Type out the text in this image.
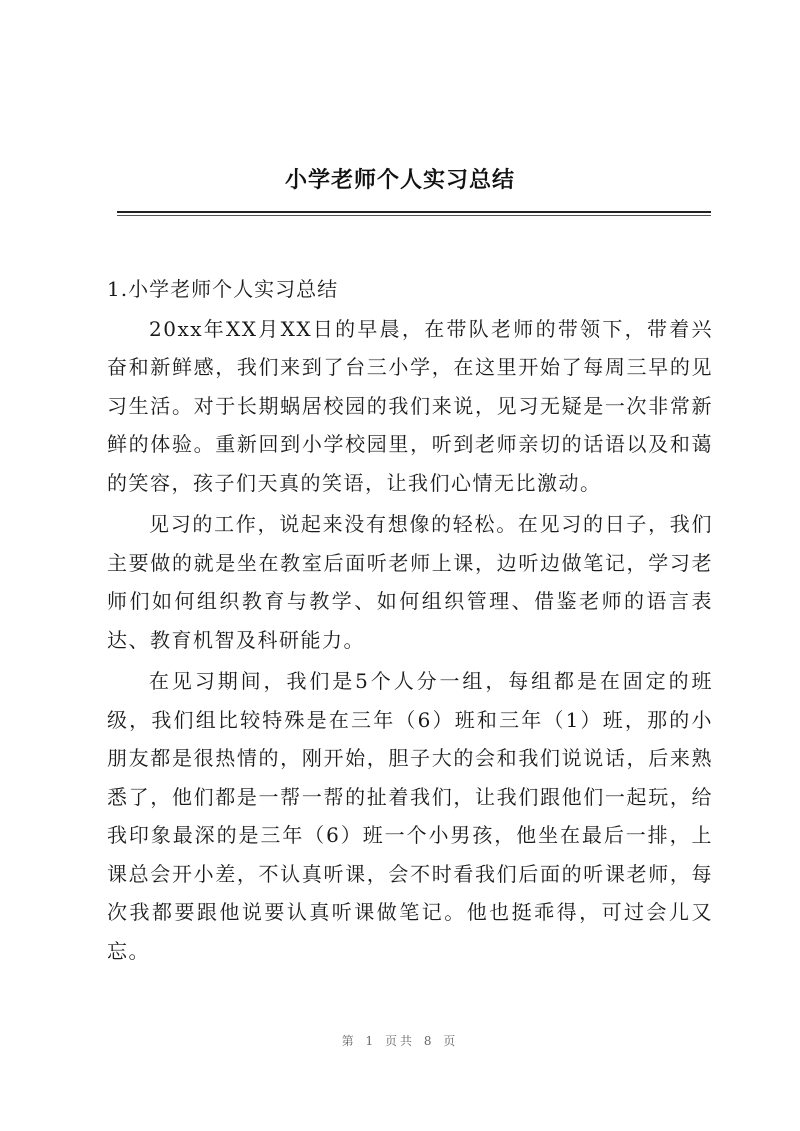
小学老师个人实习总结

1.小学老师个人实习总结

20xx年XX月XX日的早晨，在带队老师的带领下，带着兴奋和新鲜感，我们来到了台三小学，在这里开始了每周三早的见习生活。对于长期蜗居校园的我们来说，见习无疑是一次非常新鲜的体验。重新回到小学校园里，听到老师亲切的话语以及和蔼的笑容，孩子们天真的笑语，让我们心情无比激动。

见习的工作，说起来没有想像的轻松。在见习的日子，我们主要做的就是坐在教室后面听老师上课，边听边做笔记，学习老师们如何组织教育与教学、如何组织管理、借鉴老师的语言表达、教育机智及科研能力。

在见习期间，我们是5个人分一组，每组都是在固定的班级，我们组比较特殊是在三年（6）班和三年（1）班，那的小朋友都是很热情的，刚开始，胆子大的会和我们说说话，后来熟悉了，他们都是一帮一帮的扯着我们，让我们跟他们一起玩，给我印象最深的是三年（6）班一个小男孩，他坐在最后一排，上课总会开小差，不认真听课，会不时看我们后面的听课老师，每次我都要跟他说要认真听课做笔记。他也挺乖得，可过会儿又忘。

第 1 页共 8 页
